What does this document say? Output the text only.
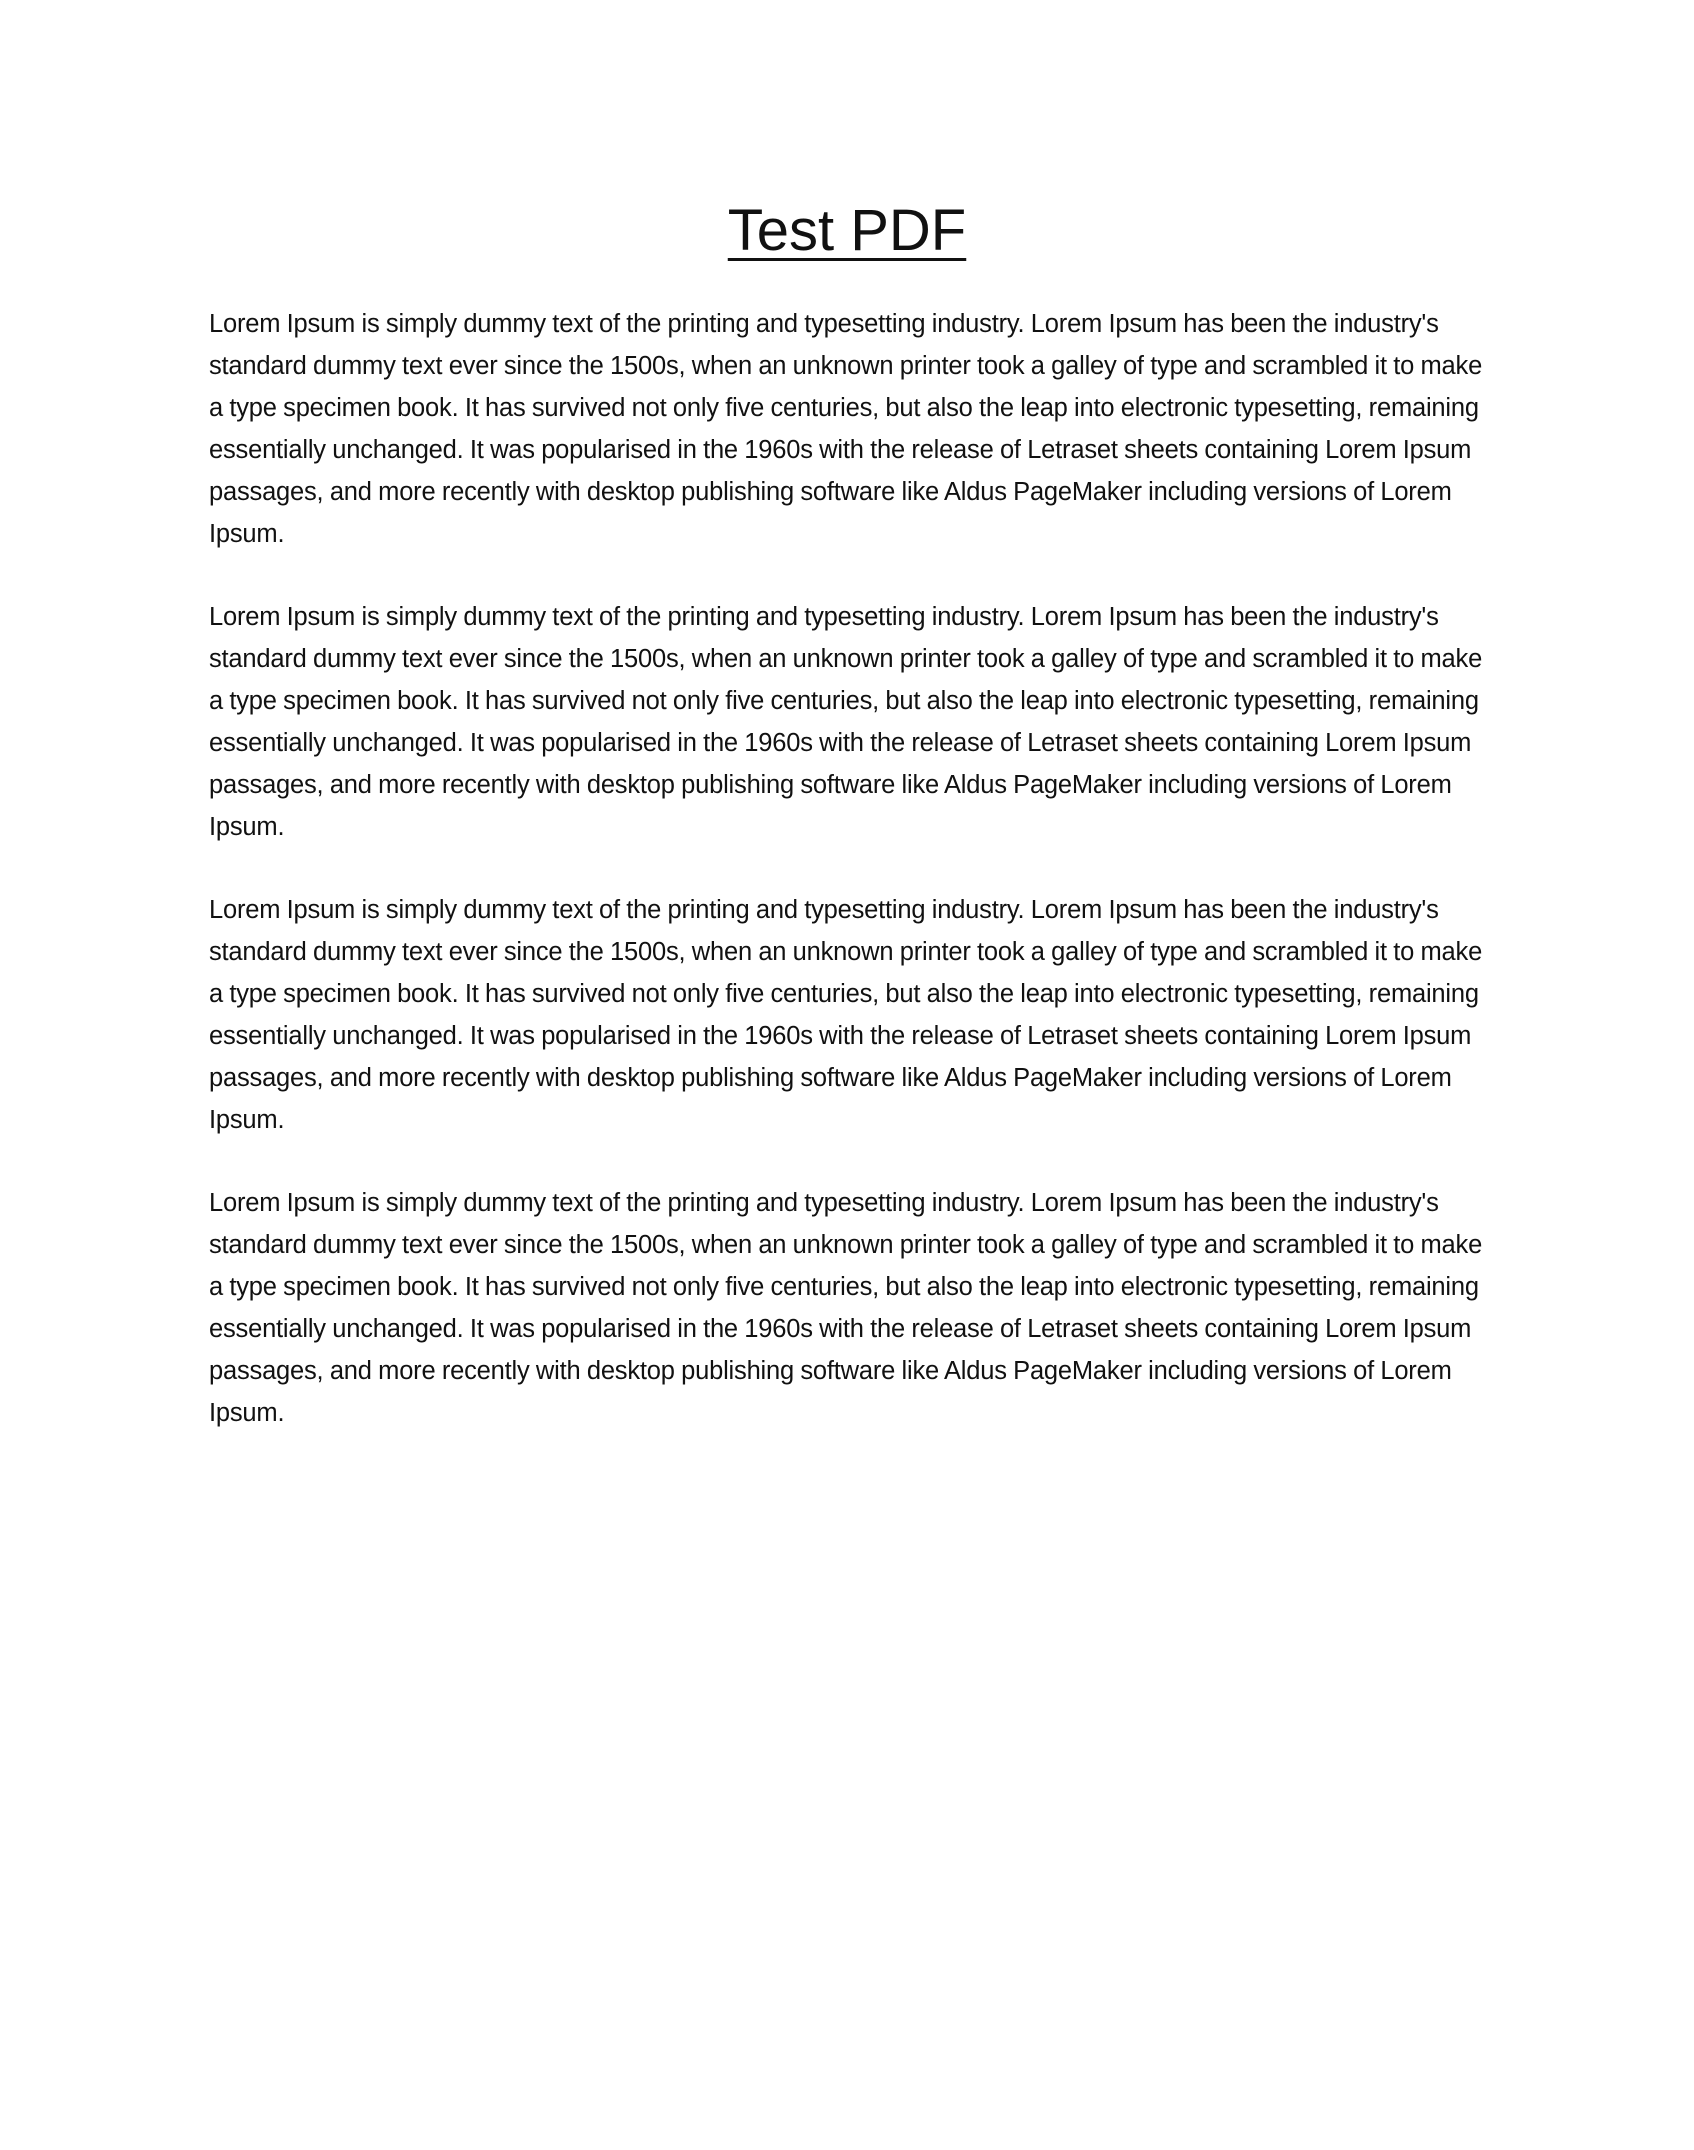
Test PDF

Lorem Ipsum is simply dummy text of the printing and typesetting industry. Lorem Ipsum has been the industry's standard dummy text ever since the 1500s, when an unknown printer took a galley of type and scrambled it to make a type specimen book. It has survived not only five centuries, but also the leap into electronic typesetting, remaining essentially unchanged. It was popularised in the 1960s with the release of Letraset sheets containing Lorem Ipsum passages, and more recently with desktop publishing software like Aldus PageMaker including versions of Lorem Ipsum.

Lorem Ipsum is simply dummy text of the printing and typesetting industry. Lorem Ipsum has been the industry's standard dummy text ever since the 1500s, when an unknown printer took a galley of type and scrambled it to make a type specimen book. It has survived not only five centuries, but also the leap into electronic typesetting, remaining essentially unchanged. It was popularised in the 1960s with the release of Letraset sheets containing Lorem Ipsum passages, and more recently with desktop publishing software like Aldus PageMaker including versions of Lorem Ipsum.

Lorem Ipsum is simply dummy text of the printing and typesetting industry. Lorem Ipsum has been the industry's standard dummy text ever since the 1500s, when an unknown printer took a galley of type and scrambled it to make a type specimen book. It has survived not only five centuries, but also the leap into electronic typesetting, remaining essentially unchanged. It was popularised in the 1960s with the release of Letraset sheets containing Lorem Ipsum passages, and more recently with desktop publishing software like Aldus PageMaker including versions of Lorem Ipsum.

Lorem Ipsum is simply dummy text of the printing and typesetting industry. Lorem Ipsum has been the industry's standard dummy text ever since the 1500s, when an unknown printer took a galley of type and scrambled it to make a type specimen book. It has survived not only five centuries, but also the leap into electronic typesetting, remaining essentially unchanged. It was popularised in the 1960s with the release of Letraset sheets containing Lorem Ipsum passages, and more recently with desktop publishing software like Aldus PageMaker including versions of Lorem Ipsum.
